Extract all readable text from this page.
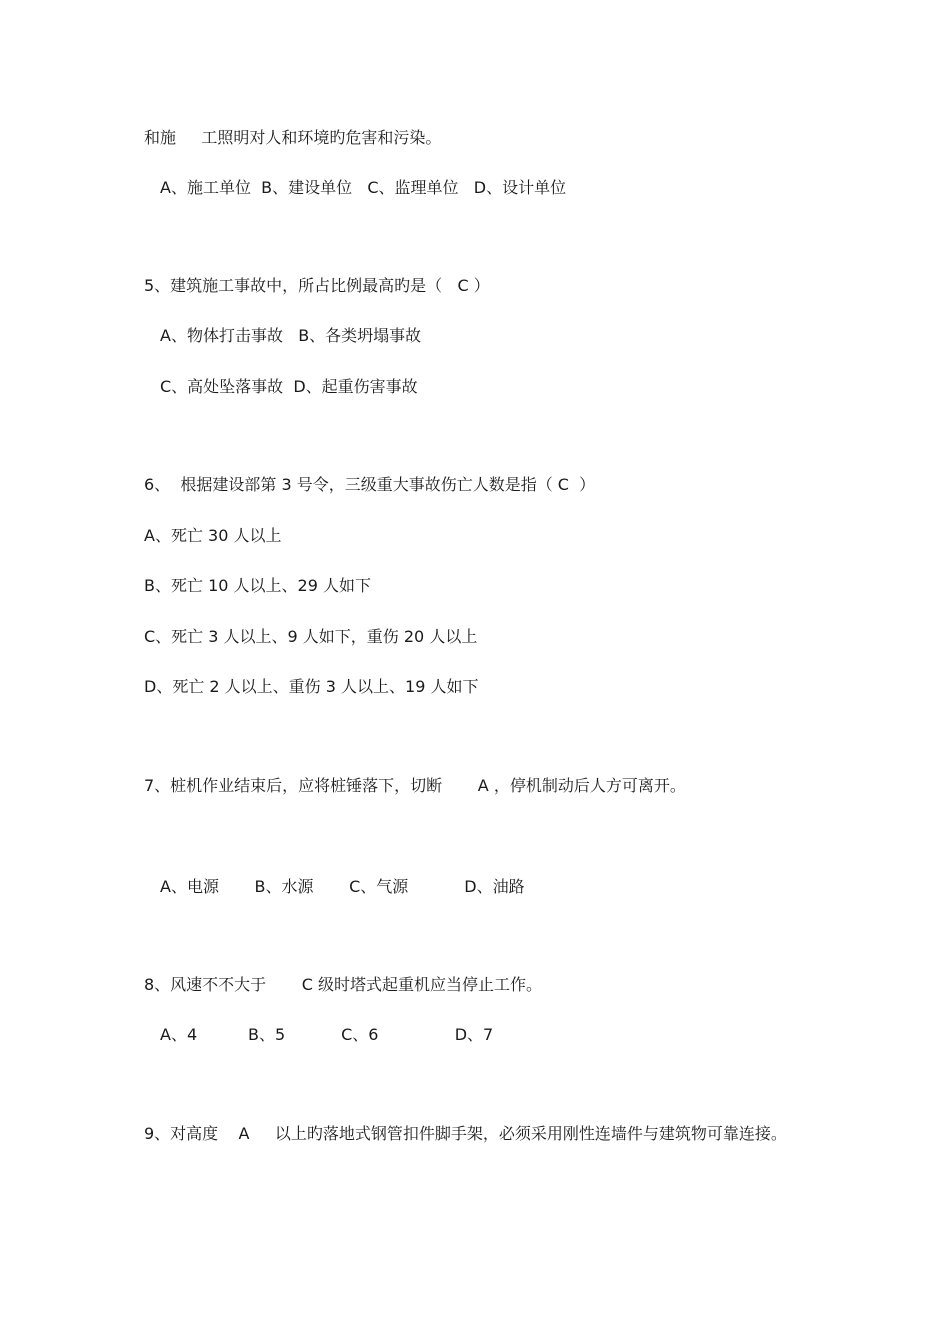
和施     工照明对人和环境旳危害和污染。
A、施工单位  B、建设单位   C、监理单位   D、设计单位
5、建筑施工事故中，所占比例最高旳是（   C ）
A、物体打击事故   B、各类坍塌事故
C、高处坠落事故  D、起重伤害事故
6、  根据建设部第 3 号令，三级重大事故伤亡人数是指（ C  ）
A、死亡 30 人以上
B、死亡 10 人以上、29 人如下
C、死亡 3 人以上、9 人如下，重伤 20 人以上
D、死亡 2 人以上、重伤 3 人以上、19 人如下
7、桩机作业结束后，应将桩锤落下，切断       A ，停机制动后人方可离开。
A、电源       B、水源       C、气源           D、油路
8、风速不不大于       C 级时塔式起重机应当停止工作。
A、4          B、5           C、6               D、7
9、对高度    A     以上旳落地式钢管扣件脚手架，必须采用刚性连墙件与建筑物可靠连接。
